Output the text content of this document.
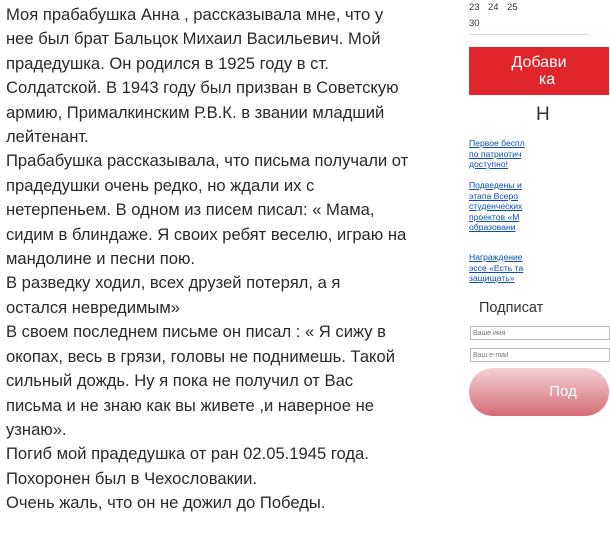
Моя прабабушка Анна , рассказывала мне, что у

нее был брат Бальцок Михаил Васильевич. Мой

прадедушка. Он родился в 1925 году в ст.

Солдатской. В 1943 году был призван в Советскую

армию, Прималкинским Р.В.К. в звании младший

лейтенант.

Прабабушка рассказывала, что письма получали от

прадедушки очень редко, но ждали их с

нетерпеньем. В одном из писем писал: « Мама,

сидим в блиндаже. Я своих ребят веселю, играю на

мандолине и песни пою.

В разведку ходил, всех друзей потерял, а я

остался невредимым»

В своем последнем письме он писал : « Я сижу в

окопах, весь в грязи, головы не поднимешь. Такой

сильный дождь. Ну я пока не получил от Вас

письма и не знаю как вы живете ,и наверное не

узнаю».

Погиб мой прадедушка от ран 02.05.1945 года.

Похоронен был в Чехословакии.

Очень жаль, что он не дожил до Победы.

23 24 25
30
Добави
ка
Н
Первое беспл
по патриотич
доступно!
Подведены и
этапа Всеро
студенческих
проектов «М
образовани
Награждение
эссе «Есть та
защищать»
Подписат
Ваше имя
Ваш e-mail
Под
